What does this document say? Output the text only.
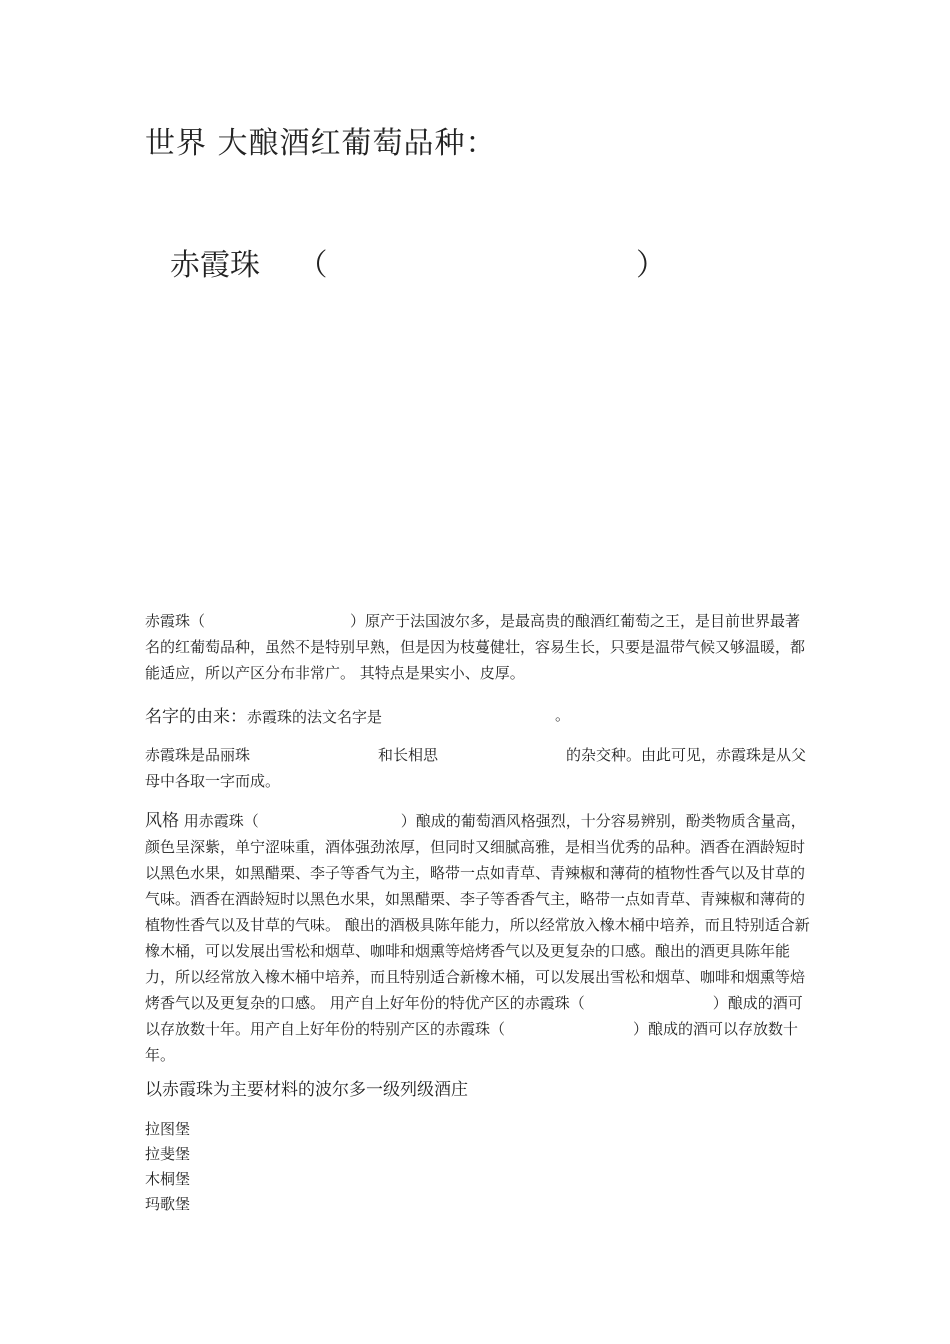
世界 大酿酒红葡萄品种：
赤霞珠 （	）
赤霞珠（	）原产于法国波尔多，是最高贵的酿酒红葡萄之王，是目前世界最著名的红葡萄品种，虽然不是特别早熟，但是因为枝蔓健壮，容易生长，只要是温带气候又够温暖，都能适应，所以产区分布非常广。 其特点是果实小、皮厚。
名字的由来：赤霞珠的法文名字是	。
赤霞珠是品丽珠	和长相思	的杂交种。由此可见，赤霞珠是从父母中各取一字而成。
风格 用赤霞珠（	）酿成的葡萄酒风格强烈，十分容易辨别，酚类物质含量高，颜色呈深紫，单宁涩味重，酒体强劲浓厚，但同时又细腻高雅，是相当优秀的品种。酒香在酒龄短时以黑色水果，如黑醋栗、李子等香气为主，略带一点如青草、青辣椒和薄荷的植物性香气以及甘草的气味。酒香在酒龄短时以黑色水果，如黑醋栗、李子等香香气主，略带一点如青草、青辣椒和薄荷的植物性香气以及甘草的气味。 酿出的酒极具陈年能力，所以经常放入橡木桶中培养，而且特别适合新橡木桶，可以发展出雪松和烟草、咖啡和烟熏等焙烤香气以及更复杂的口感。酿出的酒更具陈年能力，所以经常放入橡木桶中培养，而且特别适合新橡木桶，可以发展出雪松和烟草、咖啡和烟熏等焙烤香气以及更复杂的口感。 用产自上好年份的特优产区的赤霞珠（	）酿成的酒可以存放数十年。用产自上好年份的特别产区的赤霞珠（	）酿成的酒可以存放数十年。
以赤霞珠为主要材料的波尔多一级列级酒庄
拉图堡
拉斐堡
木桐堡
玛歌堡
